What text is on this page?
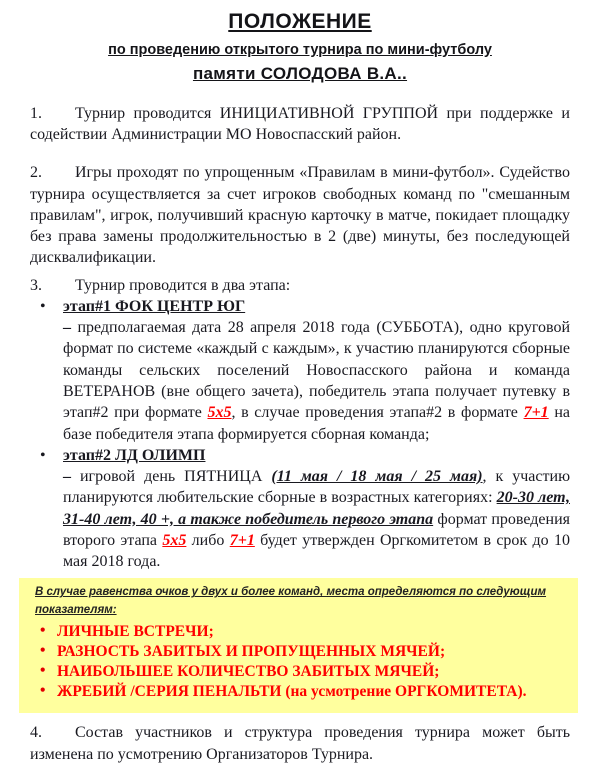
ПОЛОЖЕНИЕ
по проведению открытого турнира по мини-футболу
памяти СОЛОДОВА В.А..

1. Турнир проводится ИНИЦИАТИВНОЙ ГРУППОЙ при поддержке и содействии Администрации МО Новоспасский район.

2. Игры проходят по упрощенным «Правилам в мини-футбол». Судейство турнира осуществляется за счет игроков свободных команд по "смешанным правилам", игрок, получивший красную карточку в матче, покидает площадку без права замены продолжительностью в 2 (две) минуты, без последующей дисквалификации.

3. Турнир проводится в два этапа:

• этап#1 ФОК ЦЕНТР ЮГ

– предполагаемая дата 28 апреля 2018 года (СУББОТА), одно круговой формат по системе «каждый с каждым», к участию планируются сборные команды сельских поселений Новоспасского района и команда ВЕТЕРАНОВ (вне общего зачета), победитель этапа получает путевку в этап#2 при формате 5x5, в случае проведения этапа#2 в формате 7+1 на базе победителя этапа формируется сборная команда;

• этап#2 ЛД ОЛИМП

– игровой день ПЯТНИЦА (11 мая / 18 мая / 25 мая), к участию планируются любительские сборные в возрастных категориях: 20-30 лет, 31-40 лет, 40 +, а также победитель первого этапа формат проведения второго этапа 5x5 либо 7+1 будет утвержден Оргкомитетом в срок до 10 мая 2018 года.

В случае равенства очков у двух и более команд, места определяются по следующим показателям:
• ЛИЧНЫЕ ВСТРЕЧИ;
• РАЗНОСТЬ ЗАБИТЫХ И ПРОПУЩЕННЫХ МЯЧЕЙ;
• НАИБОЛЬШЕЕ КОЛИЧЕСТВО ЗАБИТЫХ МЯЧЕЙ;
• ЖРЕБИЙ /СЕРИЯ ПЕНАЛЬТИ (на усмотрение ОРГКОМИТЕТА).

4. Состав участников и структура проведения турнира может быть изменена по усмотрению Организаторов Турнира.
